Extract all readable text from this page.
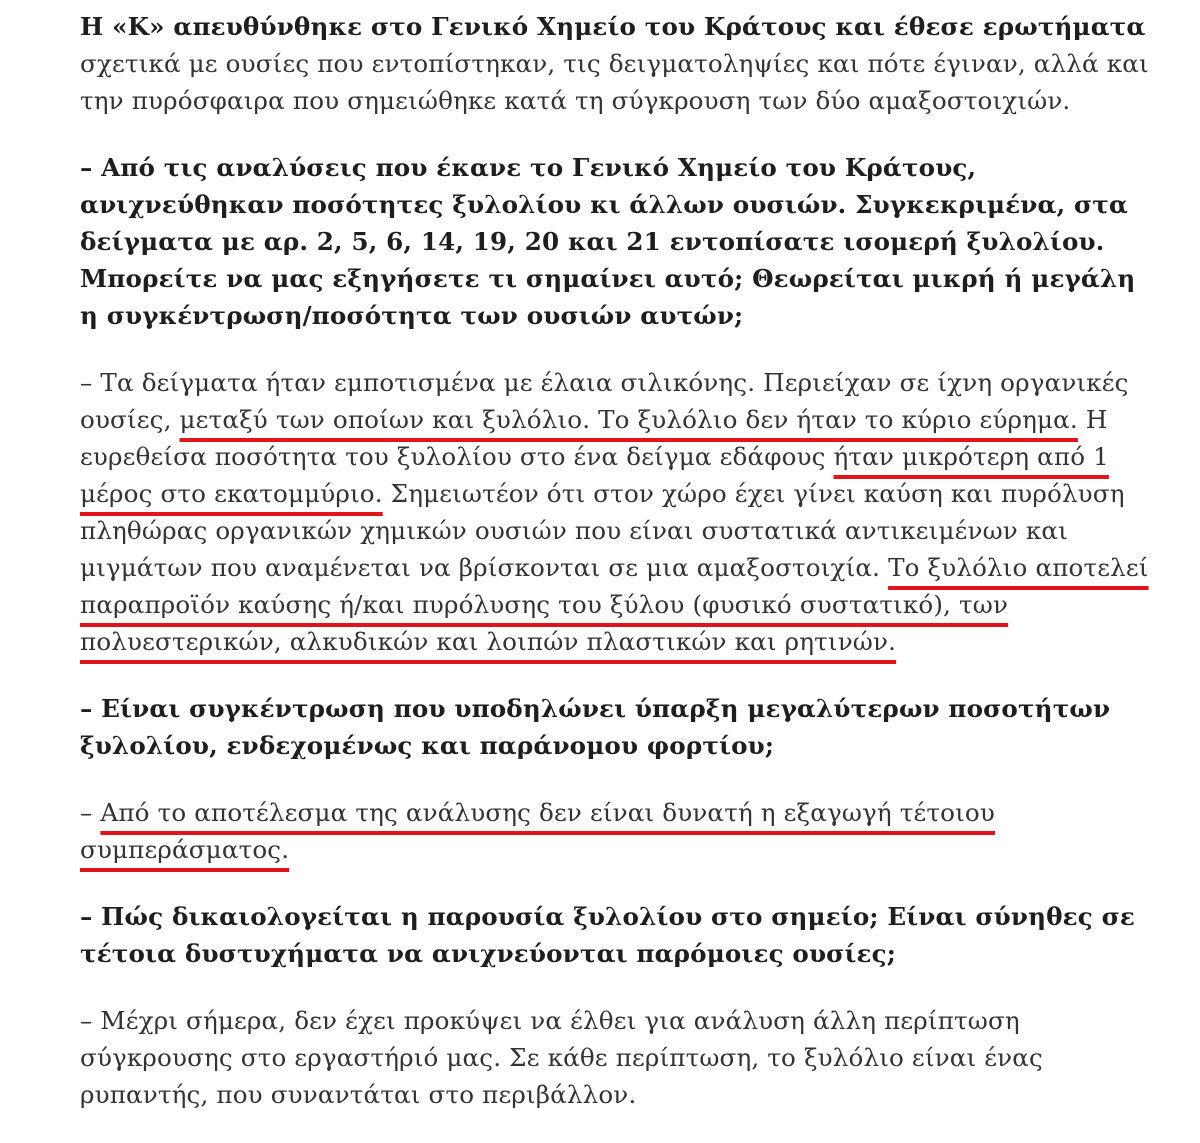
Η «Κ» απευθύνθηκε στο Γενικό Χημείο του Κράτους και έθεσε ερωτήματα σχετικά με ουσίες που εντοπίστηκαν, τις δειγματοληψίες και πότε έγιναν, αλλά και την πυρόσφαιρα που σημειώθηκε κατά τη σύγκρουση των δύο αμαξοστοιχιών.

– Από τις αναλύσεις που έκανε το Γενικό Χημείο του Κράτους, ανιχνεύθηκαν ποσότητες ξυλολίου κι άλλων ουσιών. Συγκεκριμένα, στα δείγματα με αρ. 2, 5, 6, 14, 19, 20 και 21 εντοπίσατε ισομερή ξυλολίου. Μπορείτε να μας εξηγήσετε τι σημαίνει αυτό; Θεωρείται μικρή ή μεγάλη η συγκέντρωση/ποσότητα των ουσιών αυτών;

– Τα δείγματα ήταν εμποτισμένα με έλαια σιλικόνης. Περιείχαν σε ίχνη οργανικές ουσίες, μεταξύ των οποίων και ξυλόλιο. Το ξυλόλιο δεν ήταν το κύριο εύρημα. Η ευρεθείσα ποσότητα του ξυλολίου στο ένα δείγμα εδάφους ήταν μικρότερη από 1 μέρος στο εκατομμύριο. Σημειωτέον ότι στον χώρο έχει γίνει καύση και πυρόλυση πληθώρας οργανικών χημικών ουσιών που είναι συστατικά αντικειμένων και μιγμάτων που αναμένεται να βρίσκονται σε μια αμαξοστοιχία. Το ξυλόλιο αποτελεί παραπροϊόν καύσης ή/και πυρόλυσης του ξύλου (φυσικό συστατικό), των πολυεστερικών, αλκυδικών και λοιπών πλαστικών και ρητινών.

– Είναι συγκέντρωση που υποδηλώνει ύπαρξη μεγαλύτερων ποσοτήτων ξυλολίου, ενδεχομένως και παράνομου φορτίου;

– Από το αποτέλεσμα της ανάλυσης δεν είναι δυνατή η εξαγωγή τέτοιου συμπεράσματος.

– Πώς δικαιολογείται η παρουσία ξυλολίου στο σημείο; Είναι σύνηθες σε τέτοια δυστυχήματα να ανιχνεύονται παρόμοιες ουσίες;

– Μέχρι σήμερα, δεν έχει προκύψει να έλθει για ανάλυση άλλη περίπτωση σύγκρουσης στο εργαστήριό μας. Σε κάθε περίπτωση, το ξυλόλιο είναι ένας ρυπαντής, που συναντάται στο περιβάλλον.
